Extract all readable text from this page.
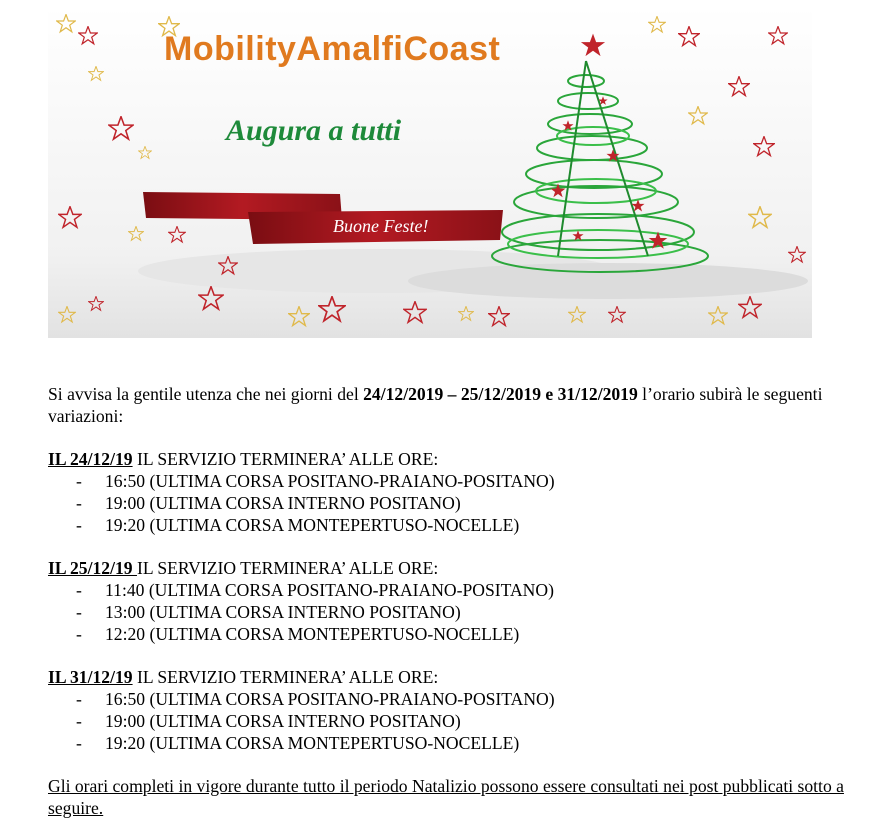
MobilityAmalfiCoast
Augura a tutti
Buone Feste!

Si avvisa la gentile utenza che nei giorni del 24/12/2019 – 25/12/2019 e 31/12/2019 l’orario subirà le seguenti variazioni:

IL 24/12/19 IL SERVIZIO TERMINERA’ ALLE ORE:

-	16:50 (ULTIMA CORSA POSITANO-PRAIANO-POSITANO)
-	19:00 (ULTIMA CORSA INTERNO POSITANO)
-	19:20 (ULTIMA CORSA MONTEPERTUSO-NOCELLE)

IL 25/12/19 IL SERVIZIO TERMINERA’ ALLE ORE:

-	11:40 (ULTIMA CORSA POSITANO-PRAIANO-POSITANO)
-	13:00 (ULTIMA CORSA INTERNO POSITANO)
-	12:20 (ULTIMA CORSA MONTEPERTUSO-NOCELLE)

IL 31/12/19 IL SERVIZIO TERMINERA’ ALLE ORE:

-	16:50 (ULTIMA CORSA POSITANO-PRAIANO-POSITANO)
-	19:00 (ULTIMA CORSA INTERNO POSITANO)
-	19:20 (ULTIMA CORSA MONTEPERTUSO-NOCELLE)

Gli orari completi in vigore durante tutto il periodo Natalizio possono essere consultati nei post pubblicati sotto a seguire.
